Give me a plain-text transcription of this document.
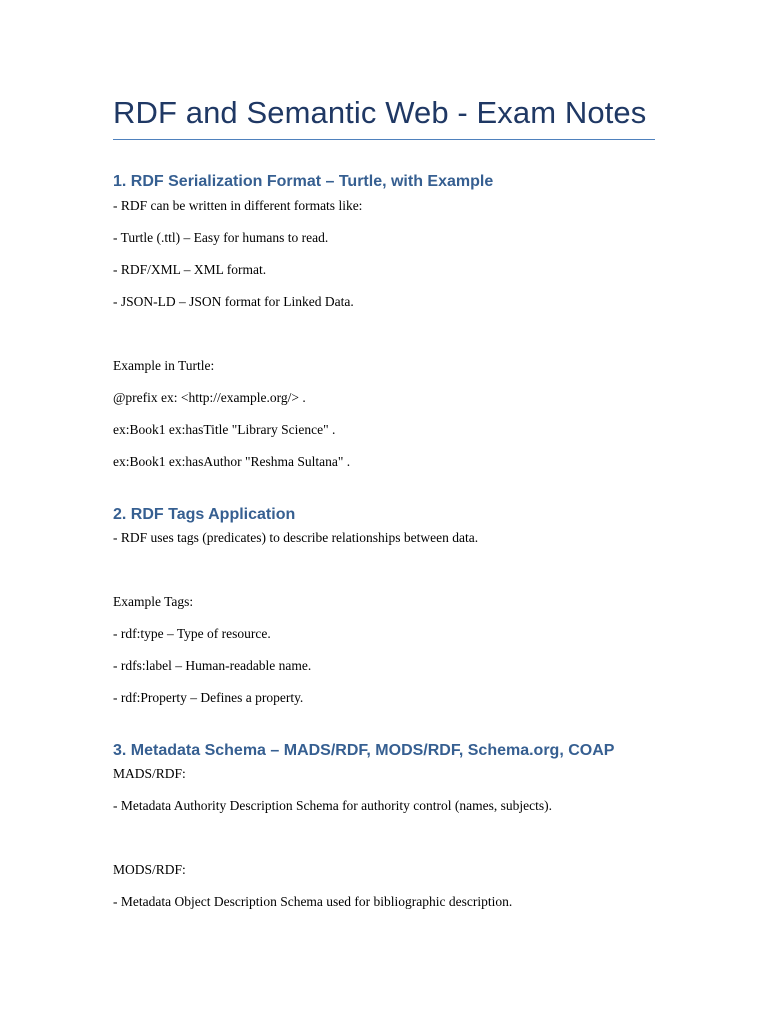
RDF and Semantic Web - Exam Notes
1. RDF Serialization Format – Turtle, with Example

- RDF can be written in different formats like:

- Turtle (.ttl) – Easy for humans to read.

- RDF/XML – XML format.

- JSON-LD – JSON format for Linked Data.

Example in Turtle:

@prefix ex: <http://example.org/> .

ex:Book1 ex:hasTitle "Library Science" .

ex:Book1 ex:hasAuthor "Reshma Sultana" .

2. RDF Tags Application

- RDF uses tags (predicates) to describe relationships between data.

Example Tags:

- rdf:type – Type of resource.

- rdfs:label – Human-readable name.

- rdf:Property – Defines a property.

3. Metadata Schema – MADS/RDF, MODS/RDF, Schema.org, COAP

MADS/RDF:

- Metadata Authority Description Schema for authority control (names, subjects).

MODS/RDF:

- Metadata Object Description Schema used for bibliographic description.
